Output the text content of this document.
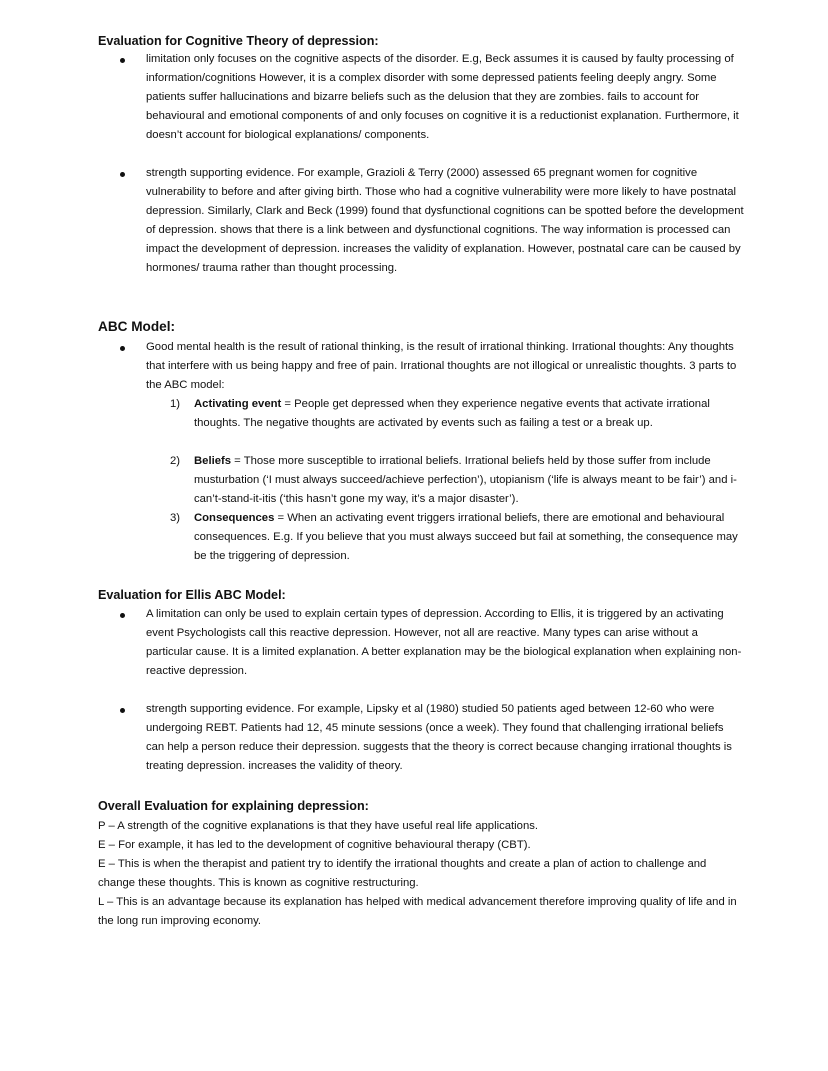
Evaluation for Cognitive Theory of depression:

limitation only focuses on the cognitive aspects of the disorder. E.g, Beck assumes it is caused by faulty processing of information/cognitions However, it is a complex disorder with some depressed patients feeling deeply angry. Some patients suffer hallucinations and bizarre beliefs such as the delusion that they are zombies. fails to account for behavioural and emotional components of and only focuses on cognitive it is a reductionist explanation. Furthermore, it doesn’t account for biological explanations/ components.

strength supporting evidence. For example, Grazioli & Terry (2000) assessed 65 pregnant women for cognitive vulnerability to before and after giving birth. Those who had a cognitive vulnerability were more likely to have postnatal depression. Similarly, Clark and Beck (1999) found that dysfunctional cognitions can be spotted before the development of depression. shows that there is a link between and dysfunctional cognitions. The way information is processed can impact the development of depression. increases the validity of explanation. However, postnatal care can be caused by hormones/ trauma rather than thought processing.

ABC Model:

Good mental health is the result of rational thinking, is the result of irrational thinking. Irrational thoughts: Any thoughts that interfere with us being happy and free of pain. Irrational thoughts are not illogical or unrealistic thoughts. 3 parts to the ABC model:

1) Activating event = People get depressed when they experience negative events that activate irrational thoughts. The negative thoughts are activated by events such as failing a test or a break up.

2) Beliefs = Those more susceptible to irrational beliefs. Irrational beliefs held by those suffer from include musturbation (‘I must always succeed/achieve perfection’), utopianism (‘life is always meant to be fair’) and i-can’t-stand-it-itis (‘this hasn’t gone my way, it’s a major disaster’).

3) Consequences = When an activating event triggers irrational beliefs, there are emotional and behavioural consequences. E.g. If you believe that you must always succeed but fail at something, the consequence may be the triggering of depression.

Evaluation for Ellis ABC Model:

A limitation can only be used to explain certain types of depression. According to Ellis, it is triggered by an activating event Psychologists call this reactive depression. However, not all are reactive. Many types can arise without a particular cause. It is a limited explanation. A better explanation may be the biological explanation when explaining non-reactive depression.

strength supporting evidence. For example, Lipsky et al (1980) studied 50 patients aged between 12-60 who were undergoing REBT. Patients had 12, 45 minute sessions (once a week). They found that challenging irrational beliefs can help a person reduce their depression. suggests that the theory is correct because changing irrational thoughts is treating depression. increases the validity of theory.

Overall Evaluation for explaining depression:

P – A strength of the cognitive explanations is that they have useful real life applications.

E – For example, it has led to the development of cognitive behavioural therapy (CBT).

E – This is when the therapist and patient try to identify the irrational thoughts and create a plan of action to challenge and change these thoughts. This is known as cognitive restructuring.

L – This is an advantage because its explanation has helped with medical advancement therefore improving quality of life and in the long run improving economy.
